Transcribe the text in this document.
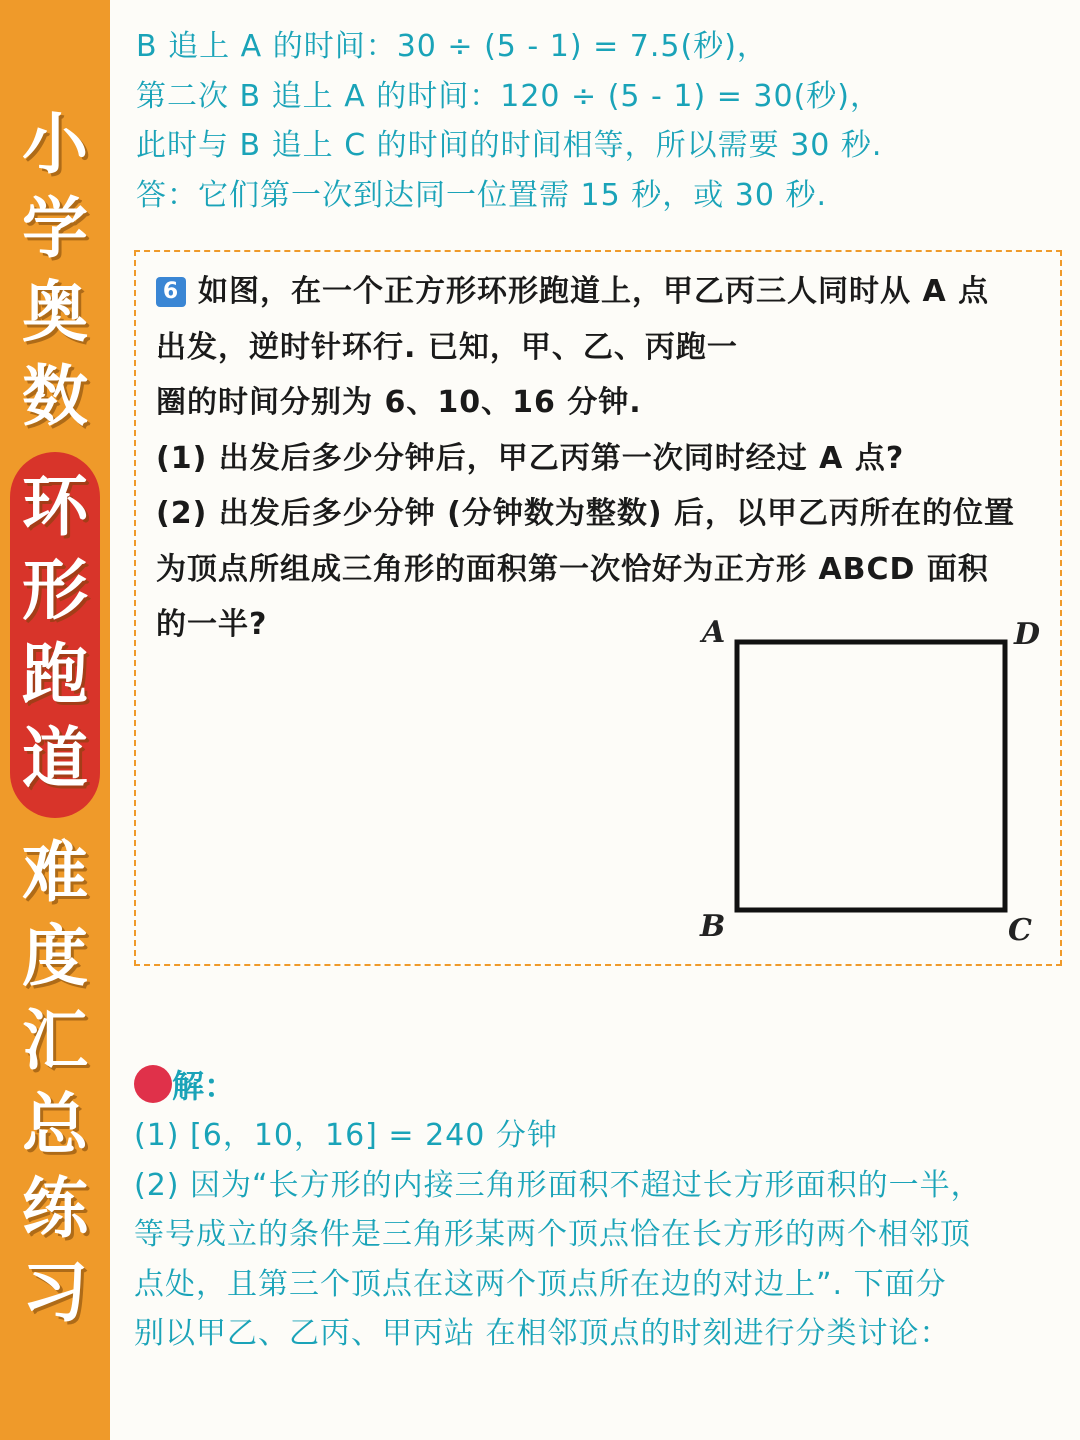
小
学
奥
数
环
形
跑
道
难
度
汇
总
练
习
B 追上 A 的时间：30 ÷ (5 - 1) = 7.5(秒)，
第二次 B 追上 A 的时间：120 ÷ (5 - 1) = 30(秒)，
此时与 B 追上 C 的时间的时间相等，所以需要 30 秒.
答：它们第一次到达同一位置需 15 秒，或 30 秒.
6 如图，在一个正方形环形跑道上，甲乙丙三人同时从 A 点
出发，逆时针环行. 已知，甲、乙、丙跑一
圈的时间分别为 6、10、16 分钟.
(1) 出发后多少分钟后，甲乙丙第一次同时经过 A 点?
(2) 出发后多少分钟 (分钟数为整数) 后，以甲乙丙所在的位置
为顶点所组成三角形的面积第一次恰好为正方形 ABCD 面积
的一半?	A	D
B	C
解：
(1) [6，10，16] = 240 分钟
(2) 因为“长方形的内接三角形面积不超过长方形面积的一半，
等号成立的条件是三角形某两个顶点恰在长方形的两个相邻顶
点处，且第三个顶点在这两个顶点所在边的对边上”. 下面分
别以甲乙、乙丙、甲丙站 在相邻顶点的时刻进行分类讨论：
